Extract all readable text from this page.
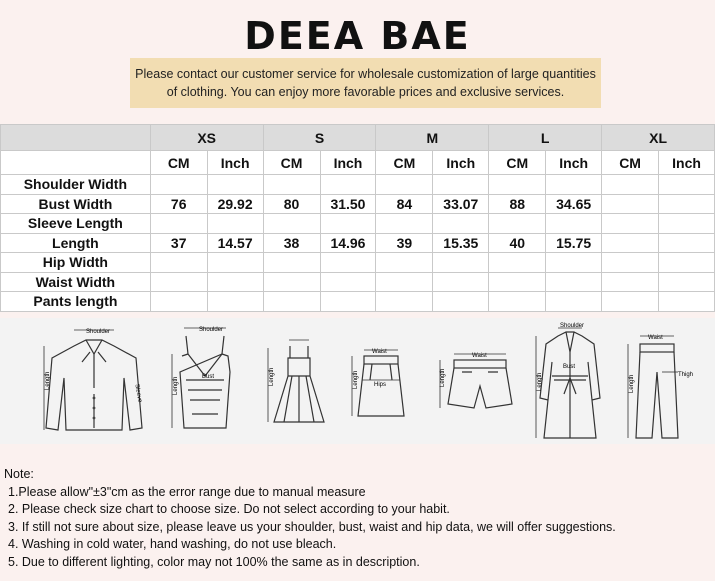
DEEA BAE
Please contact our customer service for wholesale customization of large quantities
of clothing. You can enjoy more favorable prices and exclusive services.
	XS		S		M		L		XL	
	CM	Inch	CM	Inch	CM	Inch	CM	Inch	CM	Inch
Shoulder Width										
Bust Width	76	29.92	80	31.50	84	33.07	88	34.65		
Sleeve Length										
Length	37	14.57	38	14.96	39	15.35	40	15.75		
Hip Width										
Waist Width										
Pants length										
Shoulder
Length
Sleeve
Shoulder
Bust
Length	Length
Waist
Hips
Length
Waist
Length
Shoulder
Bust
Length
Waist
Thigh
Length
Note:
1.Please allow"±3"cm as the error range due to manual measure
2. Please check size chart to choose size. Do not select according to your habit.
3. If still not sure about size, please leave us your shoulder, bust, waist and hip data, we will offer suggestions.
4. Washing in cold water, hand washing, do not use bleach.
5. Due to different lighting, color may not 100% the same as in description.
